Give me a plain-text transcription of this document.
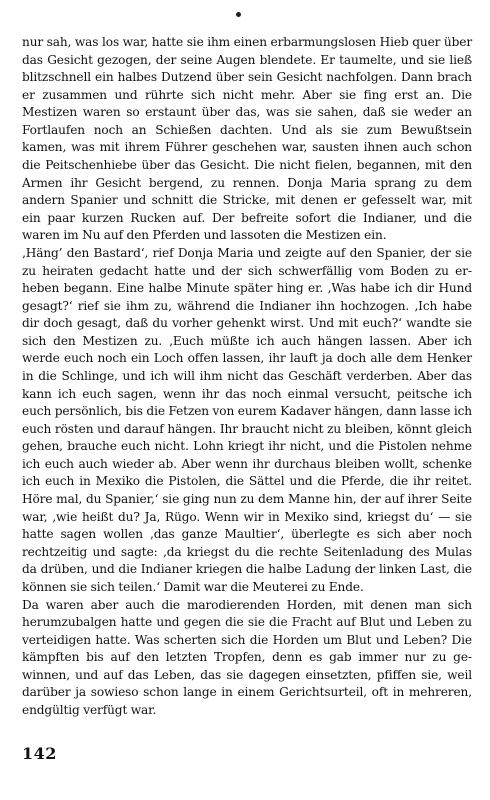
nur sah, was los war, hatte sie ihm einen erbarmungslosen Hieb quer über das Gesicht gezogen, der seine Augen blendete. Er taumelte, und sie ließ blitzschnell ein halbes Dutzend über sein Gesicht nachfolgen. Dann brach er zusammen und rührte sich nicht mehr. Aber sie fing erst an. Die Mestizen waren so erstaunt über das, was sie sahen, daß sie weder an Fortlaufen noch an Schießen dachten. Und als sie zum Bewußtsein kamen, was mit ihrem Führer geschehen war, sausten ihnen auch schon die Peitschenhiebe über das Gesicht. Die nicht fielen, begannen, mit den Armen ihr Gesicht bergend, zu rennen. Donja Maria sprang zu dem andern Spanier und schnitt die Stricke, mit denen er gefesselt war, mit ein paar kurzen Rucken auf. Der befreite sofort die Indianer, und die waren im Nu auf den Pferden und lassoten die Mestizen ein.

‚Häng’ den Bastard‘, rief Donja Maria und zeigte auf den Spanier, der sie zu heiraten gedacht hatte und der sich schwerfällig vom Boden zu erheben begann. Eine halbe Minute später hing er. ‚Was habe ich dir Hund gesagt?‘ rief sie ihm zu, während die Indianer ihn hochzogen. ‚Ich habe dir doch gesagt, daß du vorher gehenkt wirst. Und mit euch?‘ wandte sie sich den Mestizen zu. ‚Euch müßte ich auch hängen lassen. Aber ich werde euch noch ein Loch offen lassen, ihr lauft ja doch alle dem Henker in die Schlinge, und ich will ihm nicht das Geschäft verderben. Aber das kann ich euch sagen, wenn ihr das noch einmal versucht, peitsche ich euch persönlich, bis die Fetzen von eurem Kadaver hängen, dann lasse ich euch rösten und darauf hängen. Ihr braucht nicht zu bleiben, könnt gleich gehen, brauche euch nicht. Lohn kriegt ihr nicht, und die Pistolen nehme ich euch auch wieder ab. Aber wenn ihr durchaus bleiben wollt, schenke ich euch in Mexiko die Pistolen, die Sättel und die Pferde, die ihr reitet. Höre mal, du Spanier,‘ sie ging nun zu dem Manne hin, der auf ihrer Seite war, ‚wie heißt du? Ja, Rügo. Wenn wir in Mexiko sind, kriegst du‘ — sie hatte sagen wollen ‚das ganze Maultier‘, überlegte es sich aber noch rechtzeitig und sagte: ‚da kriegst du die rechte Seitenladung des Mulas da drüben, und die Indianer kriegen die halbe Ladung der linken Last, die können sie sich teilen.‘ Damit war die Meuterei zu Ende.

Da waren aber auch die marodierenden Horden, mit denen man sich herumzubalgen hatte und gegen die sie die Fracht auf Blut und Leben zu verteidigen hatte. Was scherten sich die Horden um Blut und Leben? Die kämpften bis auf den letzten Tropfen, denn es gab immer nur zu gewinnen, und auf das Leben, das sie dagegen einsetzten, pfiffen sie, weil darüber ja sowieso schon lange in einem Gerichtsurteil, oft in mehreren, endgültig verfügt war.

142
